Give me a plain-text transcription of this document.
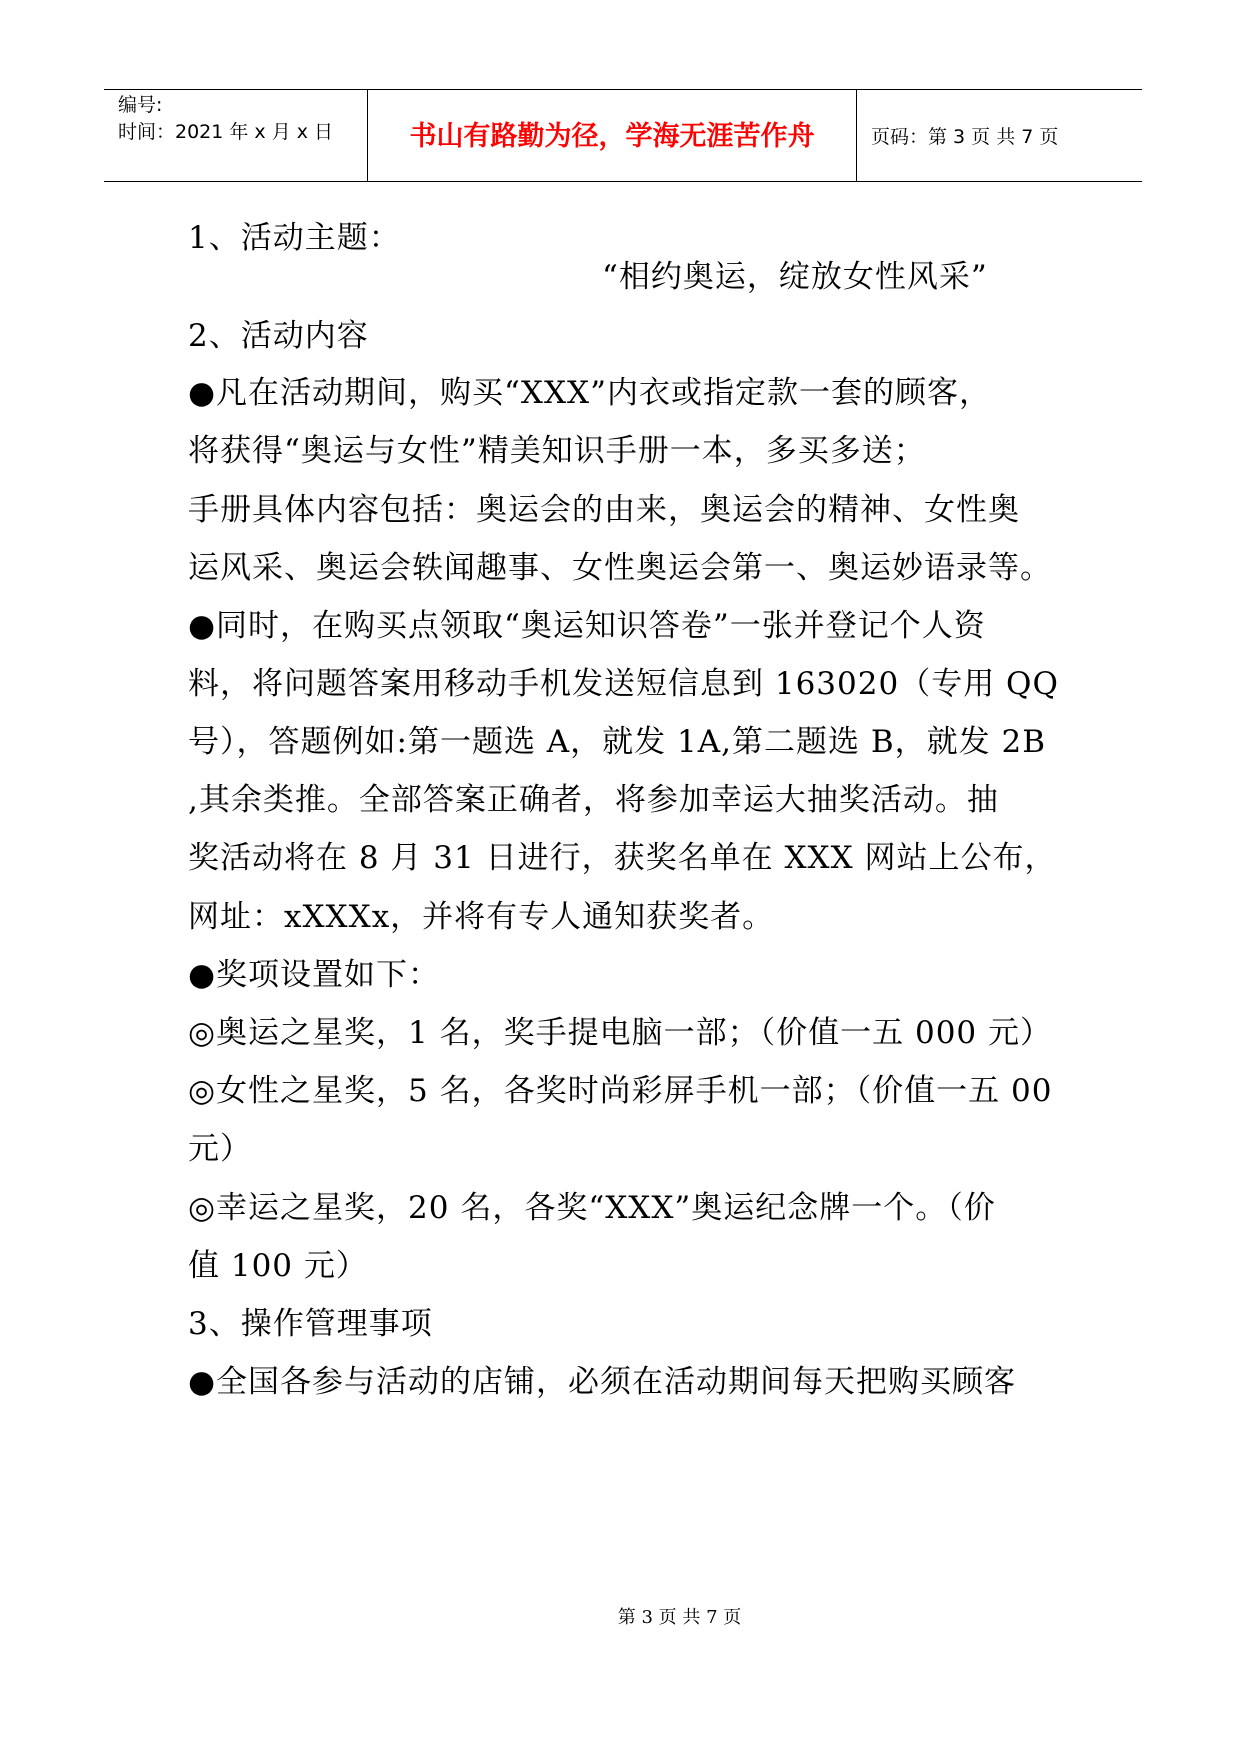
编号:
时间：2021 年 x 月 x 日	书山有路勤为径，学海无涯苦作舟	页码：第 3 页 共 7 页
1、活动主题：
“相约奥运，绽放女性风采”
2、活动内容
●凡在活动期间，购买“XXX”内衣或指定款一套的顾客，
将获得“奥运与女性”精美知识手册一本，多买多送；
手册具体内容包括：奥运会的由来，奥运会的精神、女性奥
运风采、奥运会轶闻趣事、女性奥运会第一、奥运妙语录等。
●同时，在购买点领取“奥运知识答卷”一张并登记个人资
料，将问题答案用移动手机发送短信息到 163020（专用 QQ
号），答题例如:第一题选 A，就发 1A,第二题选 B，就发 2B
,其余类推。全部答案正确者，将参加幸运大抽奖活动。抽
奖活动将在 8 月 31 日进行，获奖名单在 XXX 网站上公布，
网址：xXXXx，并将有专人通知获奖者。
●奖项设置如下：
◎奥运之星奖，1 名，奖手提电脑一部；（价值一五 000 元）
◎女性之星奖，5 名，各奖时尚彩屏手机一部；（价值一五 00
元）
◎幸运之星奖，20 名，各奖“XXX”奥运纪念牌一个。（价
值 100 元）
3、操作管理事项
●全国各参与活动的店铺，必须在活动期间每天把购买顾客
第 3 页 共 7 页
